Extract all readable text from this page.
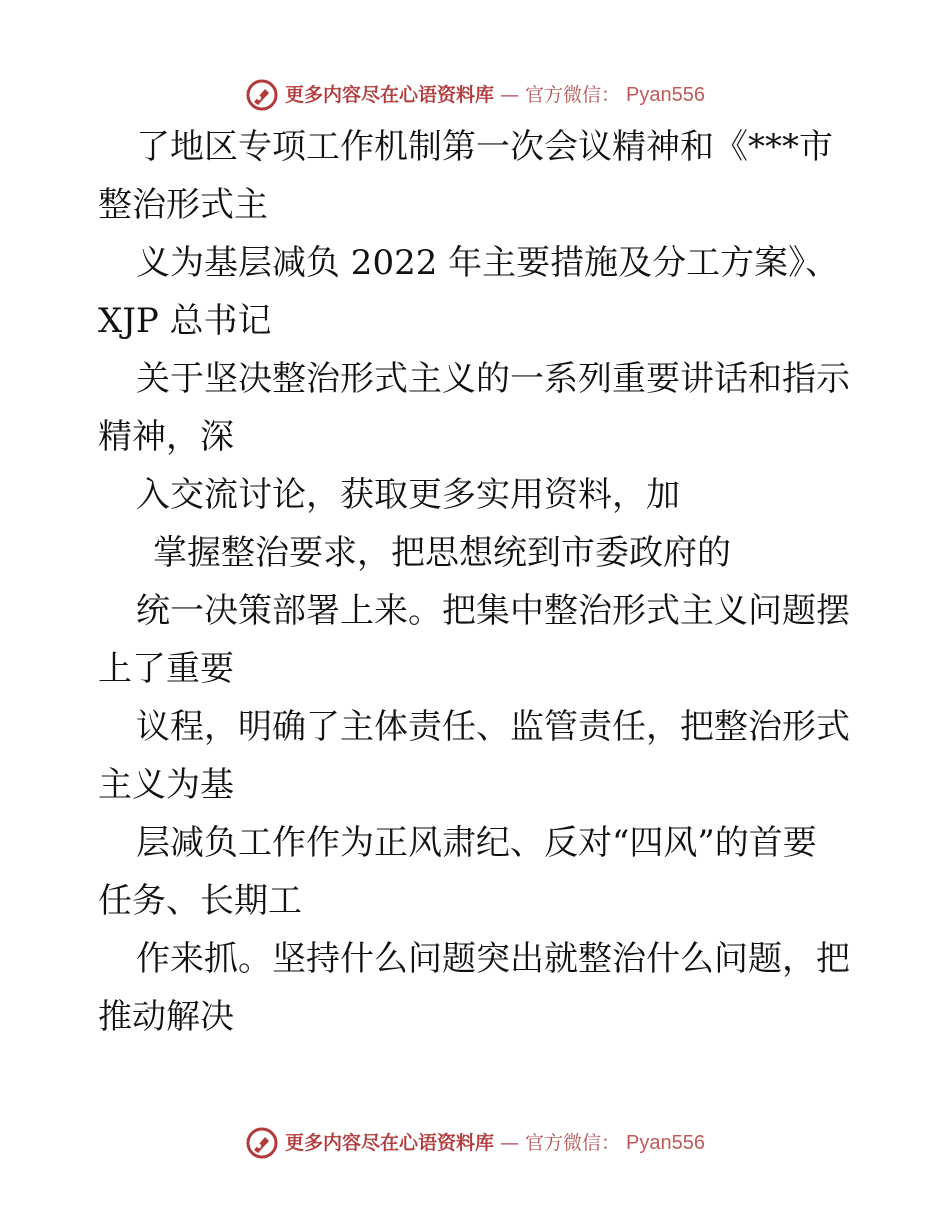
更多内容尽在心语资料库 — 官方微信： Pyan556
了地区专项工作机制第一次会议精神和《***市
整治形式主
义为基层减负 2022 年主要措施及分工方案》、
XJP 总书记
关于坚决整治形式主义的一系列重要讲话和指示
精神，深
入交流讨论，获取更多实用资料，加
掌握整治要求，把思想统到市委政府的
统一决策部署上来。把集中整治形式主义问题摆
上了重要
议程，明确了主体责任、监管责任，把整治形式
主义为基
层减负工作作为正风肃纪、反对“四风”的首要
任务、长期工
作来抓。坚持什么问题突出就整治什么问题，把
推动解决
更多内容尽在心语资料库 — 官方微信： Pyan556
